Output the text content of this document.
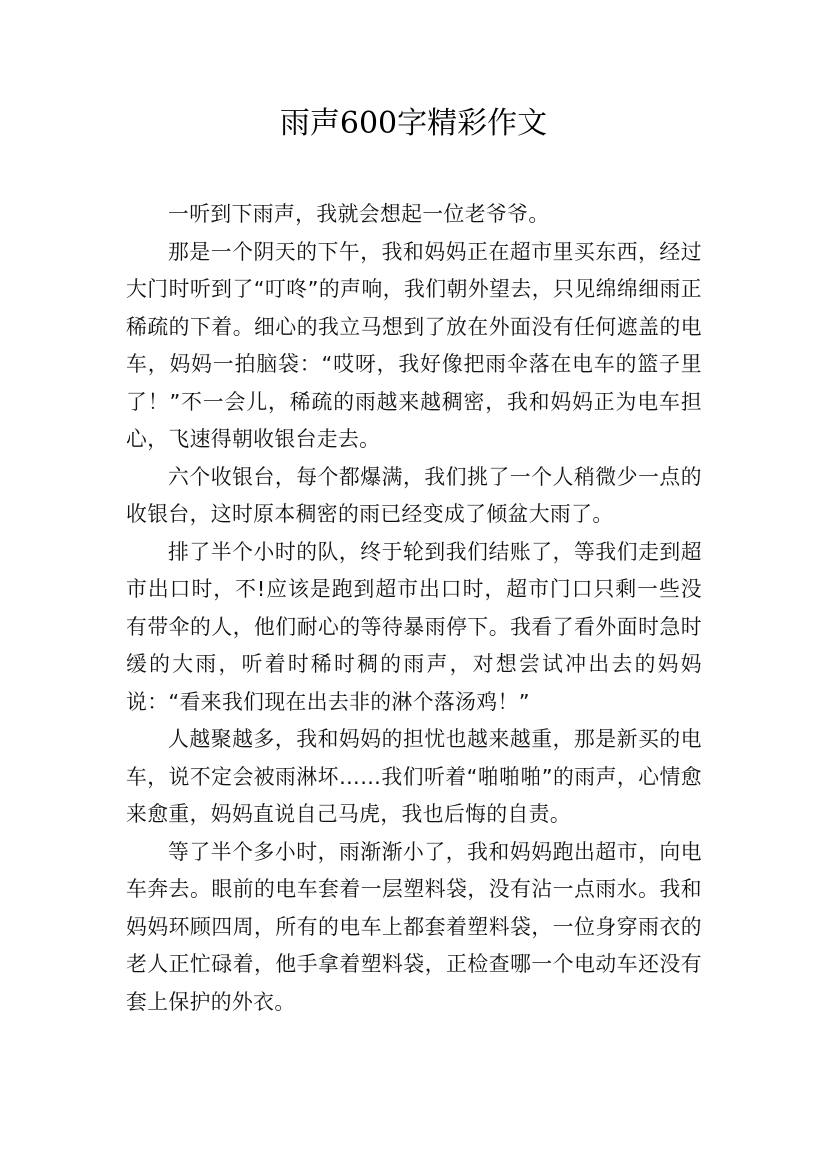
雨声600字精彩作文

一听到下雨声，我就会想起一位老爷爷。

那是一个阴天的下午，我和妈妈正在超市里买东西，经过大门时听到了“叮咚”的声响，我们朝外望去，只见绵绵细雨正稀疏的下着。细心的我立马想到了放在外面没有任何遮盖的电车，妈妈一拍脑袋：“哎呀，我好像把雨伞落在电车的篮子里了！”不一会儿，稀疏的雨越来越稠密，我和妈妈正为电车担心，飞速得朝收银台走去。

六个收银台，每个都爆满，我们挑了一个人稍微少一点的收银台，这时原本稠密的雨已经变成了倾盆大雨了。

排了半个小时的队，终于轮到我们结账了，等我们走到超市出口时，不!应该是跑到超市出口时，超市门口只剩一些没有带伞的人，他们耐心的等待暴雨停下。我看了看外面时急时缓的大雨，听着时稀时稠的雨声，对想尝试冲出去的妈妈说：“看来我们现在出去非的淋个落汤鸡！”

人越聚越多，我和妈妈的担忧也越来越重，那是新买的电车，说不定会被雨淋坏……我们听着“啪啪啪”的雨声，心情愈来愈重，妈妈直说自己马虎，我也后悔的自责。

等了半个多小时，雨渐渐小了，我和妈妈跑出超市，向电车奔去。眼前的电车套着一层塑料袋，没有沾一点雨水。我和妈妈环顾四周，所有的电车上都套着塑料袋，一位身穿雨衣的老人正忙碌着，他手拿着塑料袋，正检查哪一个电动车还没有套上保护的外衣。
